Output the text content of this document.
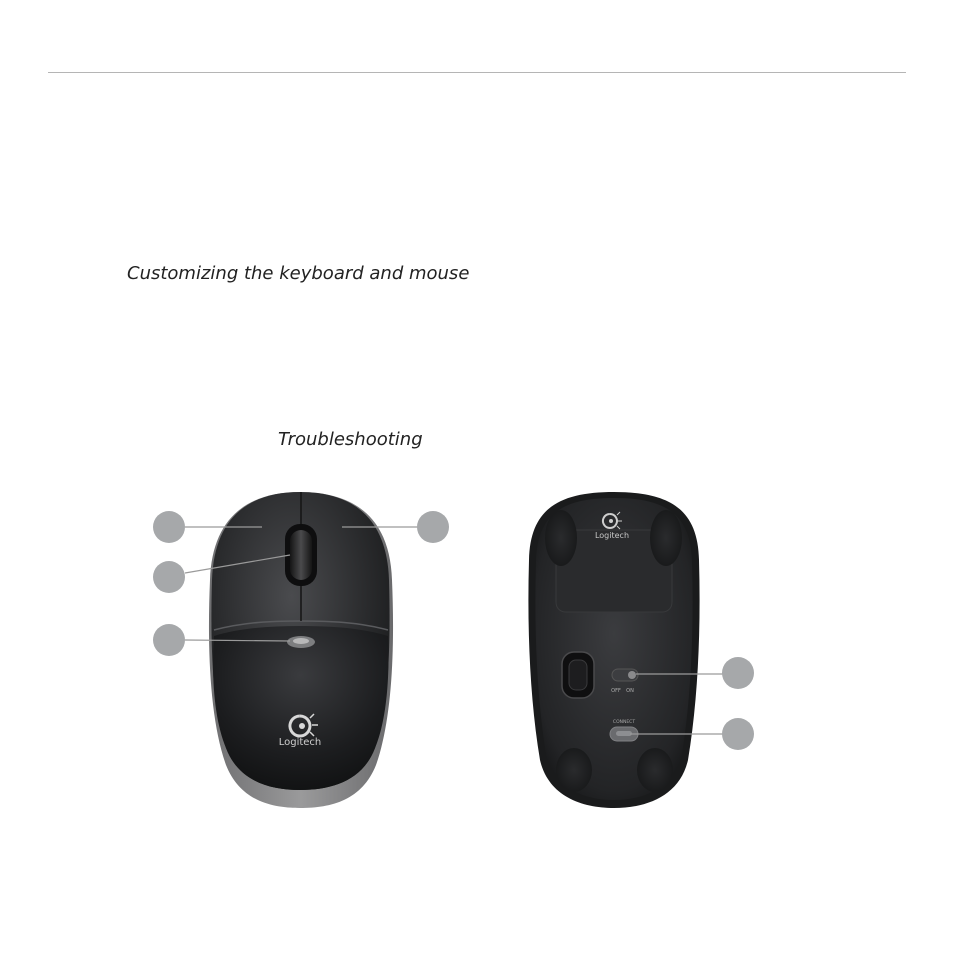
Customizing the keyboard and mouse
Troubleshooting
Logitech
Logitech
OFF ON
CONNECT
